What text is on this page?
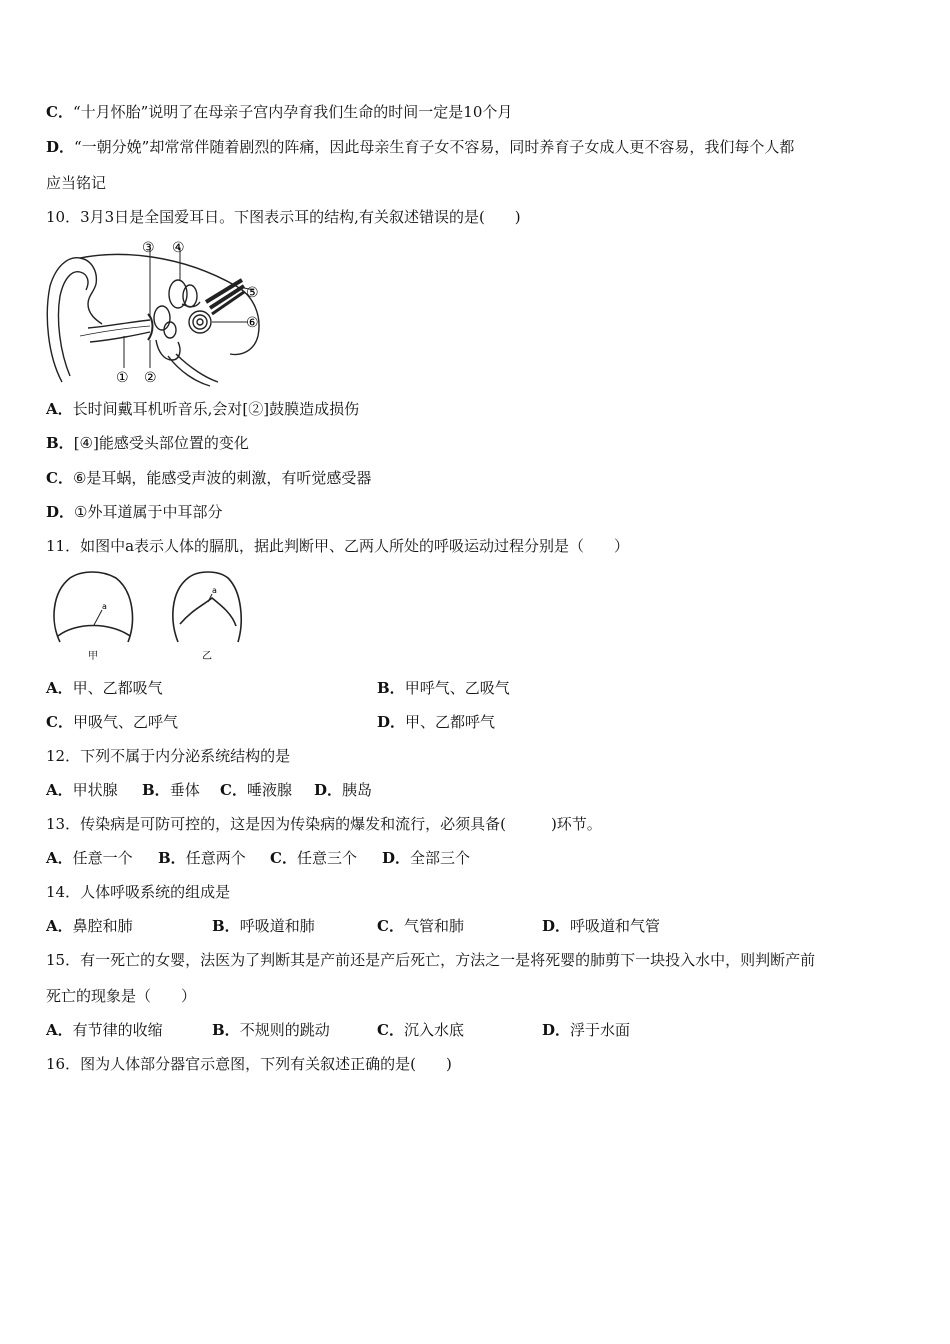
C．“十月怀胎”说明了在母亲子宫内孕育我们生命的时间一定是10个月
D．“一朝分娩”却常常伴随着剧烈的阵痛，因此母亲生育子女不容易，同时养育子女成人更不容易，我们每个人都
应当铭记
10．3月3日是全国爱耳日。下图表示耳的结构,有关叙述错误的是(　　)
③ ④
⑤
⑥
① ②
A．长时间戴耳机听音乐,会对[②]鼓膜造成损伤
B．[④]能感受头部位置的变化
C．⑥是耳蜗，能感受声波的刺激，有听觉感受器
D．①外耳道属于中耳部分
11．如图中a表示人体的膈肌，据此判断甲、乙两人所处的呼吸运动过程分别是（　　）
a
a
甲	乙
A．甲、乙都吸气	B．甲呼气、乙吸气
C．甲吸气、乙呼气	D．甲、乙都呼气
12．下列不属于内分泌系统结构的是
A．甲状腺 B．垂体 C．唾液腺 D．胰岛
13．传染病是可防可控的，这是因为传染病的爆发和流行，必须具备(　　　)环节。
A．任意一个 B．任意两个 C．任意三个 D．全部三个
14．人体呼吸系统的组成是
A．鼻腔和肺	B．呼吸道和肺	C．气管和肺	D．呼吸道和气管
15．有一死亡的女婴，法医为了判断其是产前还是产后死亡，方法之一是将死婴的肺剪下一块投入水中，则判断产前
死亡的现象是（　　）
A．有节律的收缩	B．不规则的跳动	C．沉入水底	D．浮于水面
16．图为人体部分器官示意图，下列有关叙述正确的是(　　)
